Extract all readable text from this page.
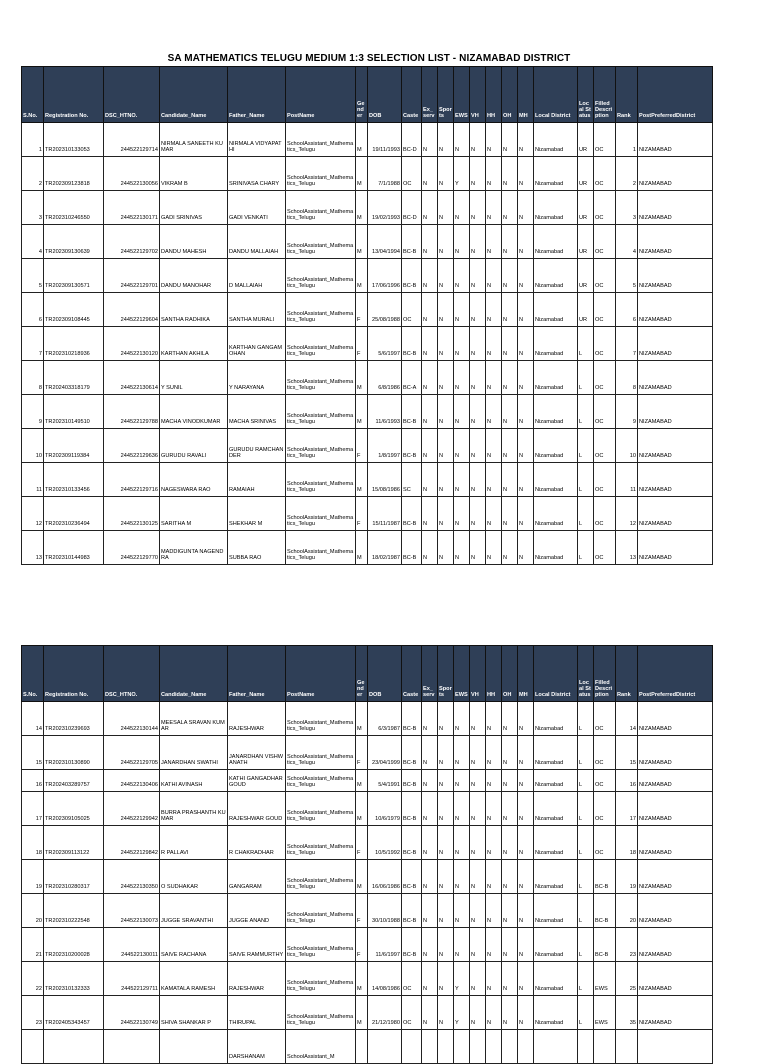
SA MATHEMATICS TELUGU MEDIUM 1:3 SELECTION LIST - NIZAMABAD DISTRICT
S.No.	Registration No.	DSC_HTNO.	Candidate_Name	Father_Name	PostName	Gender	DOB	Caste	Ex_serv	Sports	EWS	VH	HH	OH	MH	Local District	Local Status	Filled Description	Rank	PostPreferredDistrict
1	TR202310133053	244522129714	NIRMALA SANEETH KUMAR	NIRMALA VIDYAPATHI	SchoolAssistant_Mathematics_Telugu	M	19/11/1993	BC-D	N	N	N	N	N	N	N	Nizamabad	UR	OC	1	NIZAMABAD
2	TR202309123818	244522130056	VIKRAM B	SRINIVASA CHARY	SchoolAssistant_Mathematics_Telugu	M	7/1/1988	OC	N	N	Y	N	N	N	N	Nizamabad	UR	OC	2	NIZAMABAD
3	TR202310246550	244522130171	GADI SRINIVAS	GADI VENKATI	SchoolAssistant_Mathematics_Telugu	M	19/02/1993	BC-D	N	N	N	N	N	N	N	Nizamabad	UR	OC	3	NIZAMABAD
4	TR202309130639	244522129702	DANDU MAHESH	DANDU MALLAIAH	SchoolAssistant_Mathematics_Telugu	M	13/04/1994	BC-B	N	N	N	N	N	N	N	Nizamabad	UR	OC	4	NIZAMABAD
5	TR202309130571	244522129701	DANDU MANOHAR	D MALLAIAH	SchoolAssistant_Mathematics_Telugu	M	17/06/1996	BC-B	N	N	N	N	N	N	N	Nizamabad	UR	OC	5	NIZAMABAD
6	TR202309108445	244522129604	SANTHA RADHIKA	SANTHA MURALI	SchoolAssistant_Mathematics_Telugu	F	25/08/1988	OC	N	N	N	N	N	N	N	Nizamabad	UR	OC	6	NIZAMABAD
7	TR202310218936	244522130120	KARTHAN AKHILA	KARTHAN GANGAMOHAN	SchoolAssistant_Mathematics_Telugu	F	5/6/1997	BC-B	N	N	N	N	N	N	N	Nizamabad	L	OC	7	NIZAMABAD
8	TR202403318179	244522130614	Y SUNIL	Y NARAYANA	SchoolAssistant_Mathematics_Telugu	M	6/8/1986	BC-A	N	N	N	N	N	N	N	Nizamabad	L	OC	8	NIZAMABAD
9	TR202310149510	244522129788	MACHA VINODKUMAR	MACHA SRINIVAS	SchoolAssistant_Mathematics_Telugu	M	11/6/1993	BC-B	N	N	N	N	N	N	N	Nizamabad	L	OC	9	NIZAMABAD
10	TR202309119384	244522129636	GURUDU RAVALI	GURUDU RAMCHANDER	SchoolAssistant_Mathematics_Telugu	F	1/8/1997	BC-B	N	N	N	N	N	N	N	Nizamabad	L	OC	10	NIZAMABAD
11	TR202310133456	244522129716	NAGESWARA RAO	RAMAIAH	SchoolAssistant_Mathematics_Telugu	M	15/08/1986	SC	N	N	N	N	N	N	N	Nizamabad	L	OC	11	NIZAMABAD
12	TR202310236494	244522130125	SARITHA M	SHEKHAR M	SchoolAssistant_Mathematics_Telugu	F	15/11/1987	BC-B	N	N	N	N	N	N	N	Nizamabad	L	OC	12	NIZAMABAD
13	TR202310144983	244522129770	MADDIGUNTA NAGENDRA	SUBBA RAO	SchoolAssistant_Mathematics_Telugu	M	18/02/1987	BC-B	N	N	N	N	N	N	N	Nizamabad	L	OC	13	NIZAMABAD
S.No.	Registration No.	DSC_HTNO.	Candidate_Name	Father_Name	PostName	Gender	DOB	Caste	Ex_serv	Sports	EWS	VH	HH	OH	MH	Local District	Local Status	Filled Description	Rank	PostPreferredDistrict
14	TR202310239693	244522130144	MEESALA SRAVAN KUMAR	RAJESHWAR	SchoolAssistant_Mathematics_Telugu	M	6/3/1987	BC-B	N	N	N	N	N	N	N	Nizamabad	L	OC	14	NIZAMABAD
15	TR202310130890	244522129705	JANARDHAN SWATHI	JANARDHAN VISHWANATH	SchoolAssistant_Mathematics_Telugu	F	23/04/1999	BC-B	N	N	N	N	N	N	N	Nizamabad	L	OC	15	NIZAMABAD
16	TR202403289757	244522130406	KATHI AVINASH	KATHI GANGADHAR GOUD	SchoolAssistant_Mathematics_Telugu	M	5/4/1991	BC-B	N	N	N	N	N	N	N	Nizamabad	L	OC	16	NIZAMABAD
17	TR202309105025	244522129942	BURRA PRASHANTH KUMAR	RAJESHWAR GOUD	SchoolAssistant_Mathematics_Telugu	M	10/6/1979	BC-B	N	N	N	N	N	N	N	Nizamabad	L	OC	17	NIZAMABAD
18	TR202309113122	244522129842	R PALLAVI	R CHAKRADHAR	SchoolAssistant_Mathematics_Telugu	F	10/5/1992	BC-B	N	N	N	N	N	N	N	Nizamabad	L	OC	18	NIZAMABAD
19	TR202310280317	244522130350	O SUDHAKAR	GANGARAM	SchoolAssistant_Mathematics_Telugu	M	16/06/1986	BC-B	N	N	N	N	N	N	N	Nizamabad	L	BC-B	19	NIZAMABAD
20	TR202310222548	244522130073	JUGGE SRAVANTHI	JUGGE ANAND	SchoolAssistant_Mathematics_Telugu	F	30/10/1988	BC-B	N	N	N	N	N	N	N	Nizamabad	L	BC-B	20	NIZAMABAD
21	TR202310200028	244522130011	SAIVE RACHANA	SAIVE RAMMURTHY	SchoolAssistant_Mathematics_Telugu	F	11/6/1997	BC-B	N	N	N	N	N	N	N	Nizamabad	L	BC-B	23	NIZAMABAD
22	TR202310132333	244522129711	KAMATALA RAMESH	RAJESHWAR	SchoolAssistant_Mathematics_Telugu	M	14/08/1986	OC	N	N	Y	N	N	N	N	Nizamabad	L	EWS	25	NIZAMABAD
23	TR202405343457	244522130749	SHIVA SHANKAR P	THIRUPAL	SchoolAssistant_Mathematics_Telugu	M	21/12/1980	OC	N	N	Y	N	N	N	N	Nizamabad	L	EWS	35	NIZAMABAD
				DARSHANAM	SchoolAssistant_M															
